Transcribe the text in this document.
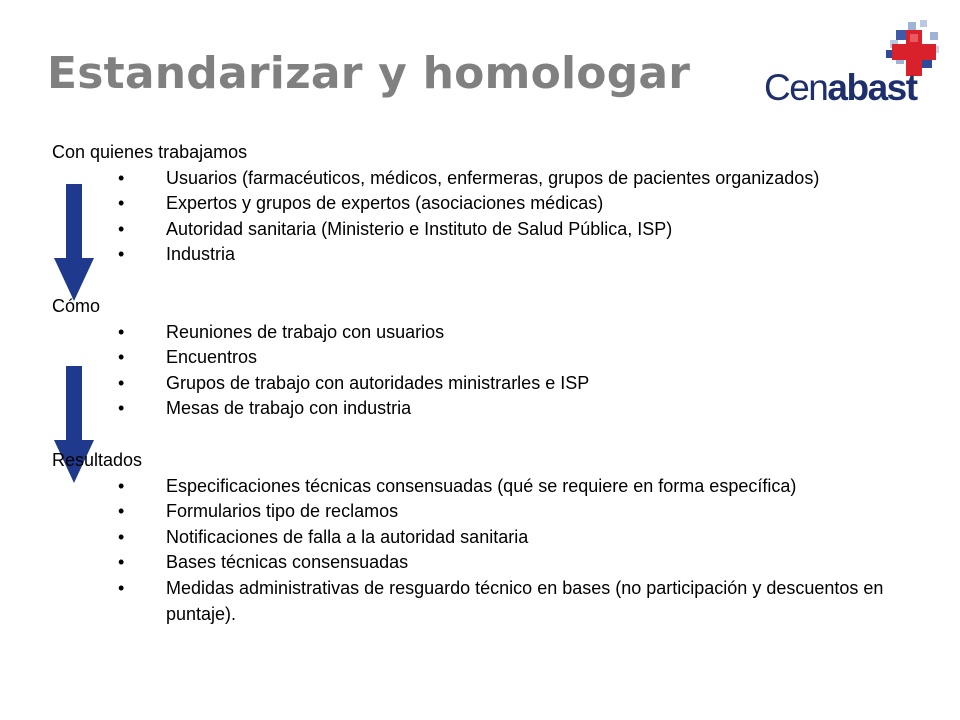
Estandarizar y homologar Cenabast

Con quienes trabajamos

• Usuarios (farmacéuticos, médicos, enfermeras, grupos de pacientes organizados)
• Expertos y grupos de expertos (asociaciones médicas)
• Autoridad sanitaria (Ministerio e Instituto de Salud Pública, ISP)
• Industria

Cómo

• Reuniones de trabajo con usuarios
• Encuentros
• Grupos de trabajo con autoridades ministrarles e ISP
• Mesas de trabajo con industria

Resultados

• Especificaciones técnicas consensuadas (qué se requiere en forma específica)
• Formularios tipo de reclamos
• Notificaciones de falla a la autoridad sanitaria
• Bases técnicas consensuadas
• Medidas administrativas de resguardo técnico en bases (no participación y descuentos en puntaje).
